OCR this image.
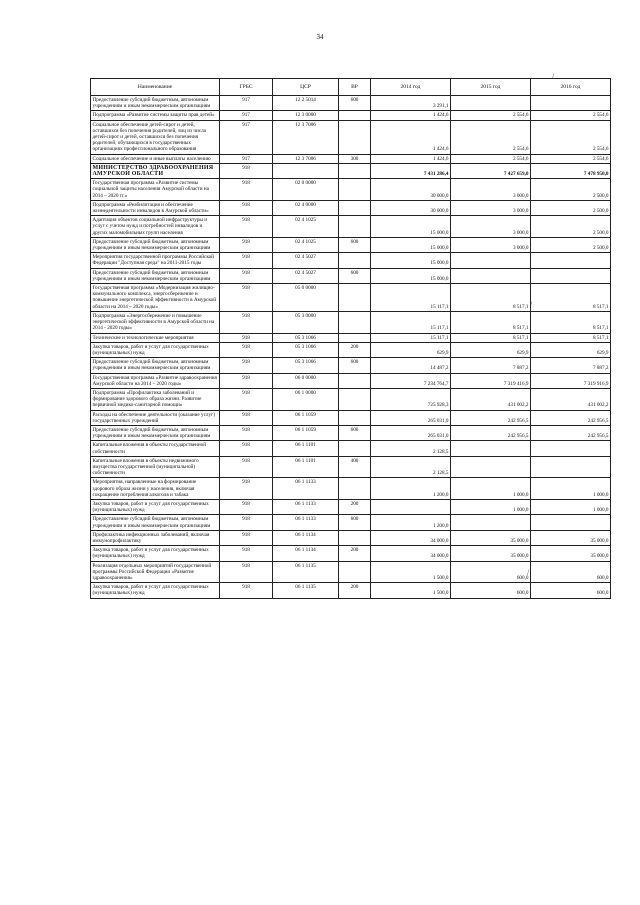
34
/
/
/
Наименование	ГРБС	ЦСР	ВР	2014 год	2015 год	2016 год
Предоставление субсидий бюджетным, автономным учреждениям и иным некоммерческим организациям	917	12 2 5014	600	3 291,1		
Подпрограмма «Развитие системы защиты прав детей»	917	12 3 0000		1 424,6	2 554,6	2 554,6
Социальное обеспечение детей-сирот и детей, оставшихся без попечения родителей, лиц из числа детей-сирот и детей, оставшихся без попечения родителей, обучающихся в государственных организациях профессионального образования	917	12 3 7006		1 424,6	2 554,6	2 554,6
Социальное обеспечение и иные выплаты населению	917	12 3 7006	300	1 424,6	2 554,6	2 554,6
МИНИСТЕРСТВО ЗДРАВООХРАНЕНИЯ АМУРСКОЙ ОБЛАСТИ	918			7 431 286,4	7 427 659,0	7 478 950,0
Государственная программа «Развитие системы социальной защиты населения Амурской области на 2014 – 2020 гг.»	918	02 0 0000		30 000,0	3 000,0	2 500,0
Подпрограмма «Реабилитация и обеспечение жизнедеятельности инвалидов в Амурской области»	918	02 4 0000		30 000,0	3 000,0	2 500,0
Адаптация объектов социальной инфраструктуры и услуг с учетом нужд и потребностей инвалидов и других маломобильных групп населения	918	02 4 1025		15 000,0	3 000,0	2 500,0
Предоставление субсидий бюджетным, автономным учреждениям и иным некоммерческим организациям	918	02 4 1025	600	15 000,0	3 000,0	2 500,0
Мероприятия государственной программы Российской Федерации "Доступная среда" на 2011-2015 годы	918	02 4 5027		15 000,0		
Предоставление субсидий бюджетным, автономным учреждениям и иным некоммерческим организациям	918	02 4 5027	600	15 000,0		
Государственная программа «Модернизация жилищно-коммунального комплекса, энергосбережение и повышение энергетической эффективности в Амурской области на 2014 – 2020 годы»	918	05 0 0000		15 117,1	8 517,1	8 517,1
Подпрограмма «Энергосбережение и повышение энергетической эффективности в Амурской области на 2014 - 2020 годы»	918	05 3 0000		15 117,1	8 517,1	8 517,1
Технические и технологические мероприятия	918	05 3 1066		15 117,1	8 517,1	8 517,1
Закупка товаров, работ и услуг для государственных (муниципальных) нужд	918	05 3 1066	200	629,9	629,9	629,9
Предоставление субсидий бюджетным, автономным учреждениям и иным некоммерческим организациям	918	05 3 1066	600	14 487,2	7 887,2	7 887,2
Государственная программа «Развитие здравоохранения Амурской области на 2014 – 2020 годы»	918	06 0 0000		7 234 764,7	7 319 416,9	7 319 916,9
Подпрограмма «Профилактика заболеваний и формирование здорового образа жизни. Развитие первичной медико-санитарной помощи»	918	06 1 0000		725 928,3	431 002,2	431 002,2
Расходы на обеспечение деятельности (оказание услуг) государственных учреждений	918	06 1 1059		265 031,0	242 956,5	242 956,5
Предоставление субсидий бюджетным, автономным учреждениям и иным некоммерческим организациям	918	06 1 1059	600	265 031,0	242 956,5	242 956,5
Капитальные вложения в объекты государственной собственности	918	06 1 1101		2 128,5		
Капитальные вложения в объекты недвижимого имущества государственной (муниципальной) собственности	918	06 1 1101	400	2 128,5		
Мероприятия, направленные на формирование здорового образа жизни у населения, включая сокращение потребления алкоголя и табака	918	06 1 1133		1 200,0	1 000,0	1 000,0
Закупка товаров, работ и услуг для государственных (муниципальных) нужд	918	06 1 1133	200		1 000,0	1 000,0
Предоставление субсидий бюджетным, автономным учреждениям и иным некоммерческим организациям	918	06 1 1133	600	1 200,0		
Профилактика инфекционных заболеваний, включая иммунопрофилактику	918	06 1 1134		34 000,0	35 000,0	35 000,0
Закупка товаров, работ и услуг для государственных (муниципальных) нужд	918	06 1 1134	200	34 000,0	35 000,0	35 000,0
Реализация отдельных мероприятий государственной программы Российской Федерации «Развитие здравоохранения»	918	06 1 1135		1 500,0	600,0	600,0
Закупка товаров, работ и услуг для государственных (муниципальных) нужд	918	06 1 1135	200	1 500,0	600,0	600,0
